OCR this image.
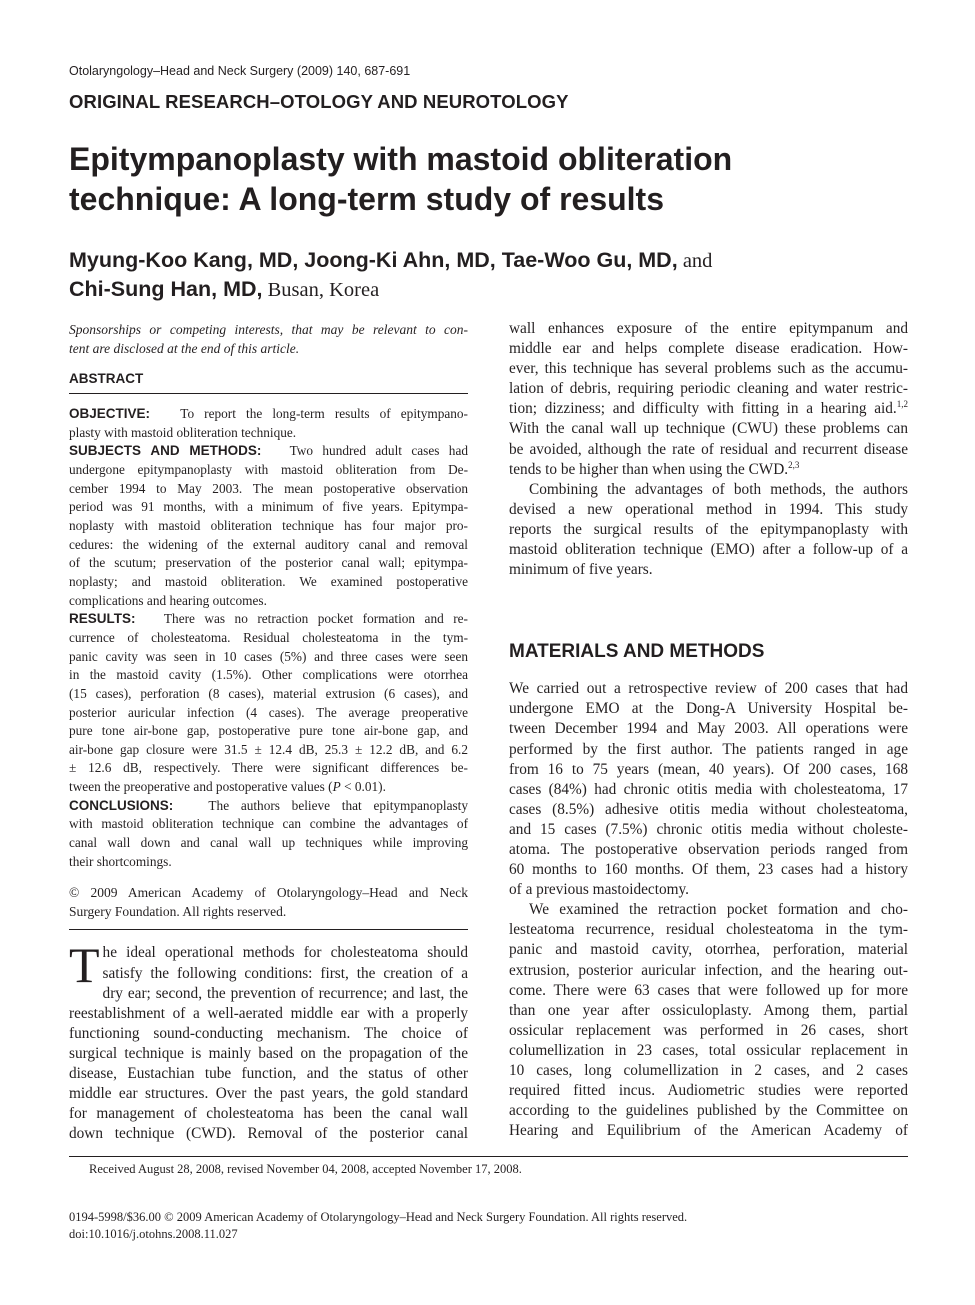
Otolaryngology–Head and Neck Surgery (2009) 140, 687-691
ORIGINAL RESEARCH–OTOLOGY AND NEUROTOLOGY
Epitympanoplasty with mastoid obliteration
technique: A long-term study of results
Myung-Koo Kang, MD, Joong-Ki Ahn, MD, Tae-Woo Gu, MD, and
Chi-Sung Han, MD, Busan, Korea
Sponsorships or competing interests, that may be relevant to con-
tent are disclosed at the end of this article.
ABSTRACT
OBJECTIVE: To report the long-term results of epitympano-
plasty with mastoid obliteration technique.
SUBJECTS AND METHODS: Two hundred adult cases had
undergone epitympanoplasty with mastoid obliteration from De-
cember 1994 to May 2003. The mean postoperative observation
period was 91 months, with a minimum of five years. Epitympa-
noplasty with mastoid obliteration technique has four major pro-
cedures: the widening of the external auditory canal and removal
of the scutum; preservation of the posterior canal wall; epitympa-
noplasty; and mastoid obliteration. We examined postoperative
complications and hearing outcomes.
RESULTS: There was no retraction pocket formation and re-
currence of cholesteatoma. Residual cholesteatoma in the tym-
panic cavity was seen in 10 cases (5%) and three cases were seen
in the mastoid cavity (1.5%). Other complications were otorrhea
(15 cases), perforation (8 cases), material extrusion (6 cases), and
posterior auricular infection (4 cases). The average preoperative
pure tone air-bone gap, postoperative pure tone air-bone gap, and
air-bone gap closure were 31.5 ± 12.4 dB, 25.3 ± 12.2 dB, and 6.2
± 12.6 dB, respectively. There were significant differences be-
tween the preoperative and postoperative values (P < 0.01).
CONCLUSIONS:	The authors believe that epitympanoplasty
with mastoid obliteration technique can combine the advantages of
canal wall down and canal wall up techniques while improving
their shortcomings.
© 2009 American Academy of Otolaryngology–Head and Neck
Surgery Foundation. All rights reserved.
T he ideal operational methods for cholesteatoma should
satisfy the following conditions: first, the creation of a
dry ear; second, the prevention of recurrence; and last, the
reestablishment of a well-aerated middle ear with a properly
functioning sound-conducting mechanism. The choice of
surgical technique is mainly based on the propagation of the
disease, Eustachian tube function, and the status of other
middle ear structures. Over the past years, the gold standard
for management of cholesteatoma has been the canal wall
down technique (CWD). Removal of the posterior canal
wall enhances exposure of the entire epitympanum and
middle ear and helps complete disease eradication. How-
ever, this technique has several problems such as the accumu-
lation of debris, requiring periodic cleaning and water restric-
tion; dizziness; and difficulty with fitting in a hearing aid.$^{1,2}$
With the canal wall up technique (CWU) these problems can
be avoided, although the rate of residual and recurrent disease
tends to be higher than when using the CWD.$^{2,3}$
Combining the advantages of both methods, the authors
devised a new operational method in 1994. This study
reports the surgical results of the epitympanoplasty with
mastoid obliteration technique (EMO) after a follow-up of a
minimum of five years.
MATERIALS AND METHODS
We carried out a retrospective review of 200 cases that had
undergone EMO at the Dong-A University Hospital be-
tween December 1994 and May 2003. All operations were
performed by the first author. The patients ranged in age
from 16 to 75 years (mean, 40 years). Of 200 cases, 168
cases (84%) had chronic otitis media with cholesteatoma, 17
cases (8.5%) adhesive otitis media without cholesteatoma,
and 15 cases (7.5%) chronic otitis media without choleste-
atoma. The postoperative observation periods ranged from
60 months to 160 months. Of them, 23 cases had a history
of a previous mastoidectomy.
We examined the retraction pocket formation and cho-
lesteatoma recurrence, residual cholesteatoma in the tym-
panic and mastoid cavity, otorrhea, perforation, material
extrusion, posterior auricular infection, and the hearing out-
come. There were 63 cases that were followed up for more
than one year after ossiculoplasty. Among them, partial
ossicular replacement was performed in 26 cases, short
columellization in 23 cases, total ossicular replacement in
10 cases, long columellization in 2 cases, and 2 cases
required fitted incus. Audiometric studies were reported
according to the guidelines published by the Committee on
Hearing and Equilibrium of the American Academy of
Received August 28, 2008, revised November 04, 2008, accepted November 17, 2008.
0194-5998/$36.00 © 2009 American Academy of Otolaryngology–Head and Neck Surgery Foundation. All rights reserved.
doi:10.1016/j.otohns.2008.11.027
